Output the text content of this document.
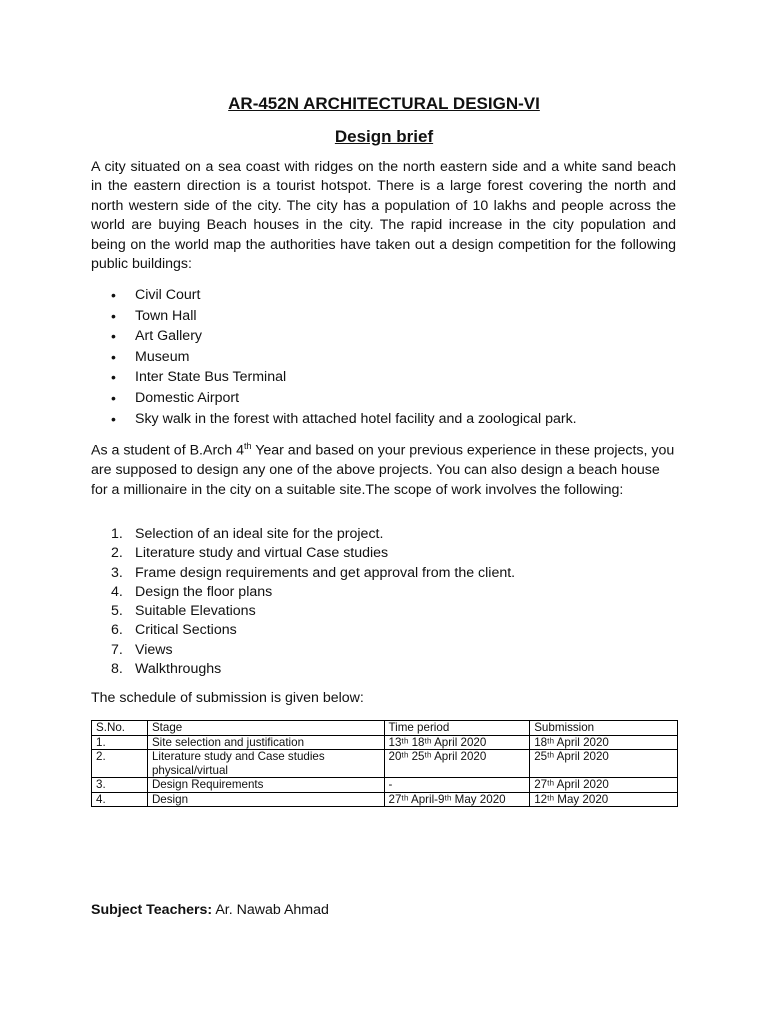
AR-452N ARCHITECTURAL DESIGN-VI
Design brief

A city situated on a sea coast with ridges on the north eastern side and a white sand beach in the eastern direction is a tourist hotspot. There is a large forest covering the north and north western side of the city. The city has a population of 10 lakhs and people across the world are buying Beach houses in the city. The rapid increase in the city population and being on the world map the authorities have taken out a design competition for the following public buildings:

• Civil Court
• Town Hall
• Art Gallery
• Museum
• Inter State Bus Terminal
• Domestic Airport
• Sky walk in the forest with attached hotel facility and a zoological park.

As a student of B.Arch 4th Year and based on your previous experience in these projects, you are supposed to design any one of the above projects. You can also design a beach house for a millionaire in the city on a suitable site.The scope of work involves the following:

1. Selection of an ideal site for the project.
2. Literature study and virtual Case studies
3. Frame design requirements and get approval from the client.
4. Design the floor plans
5. Suitable Elevations
6. Critical Sections
7. Views
8. Walkthroughs

The schedule of submission is given below:

S.No.	Stage	Time period	Submission
1.	Site selection and justification	13ᵗʰ 18ᵗʰ April 2020	18ᵗʰ April 2020
2.	Literature study and Case studies physical/virtual	20ᵗʰ 25ᵗʰ April 2020	25ᵗʰ April 2020
3.	Design Requirements	-	27ᵗʰ April 2020
4.	Design	27ᵗʰ April-9ᵗʰ May 2020	12ᵗʰ May 2020
Subject Teachers: Ar. Nawab Ahmad
